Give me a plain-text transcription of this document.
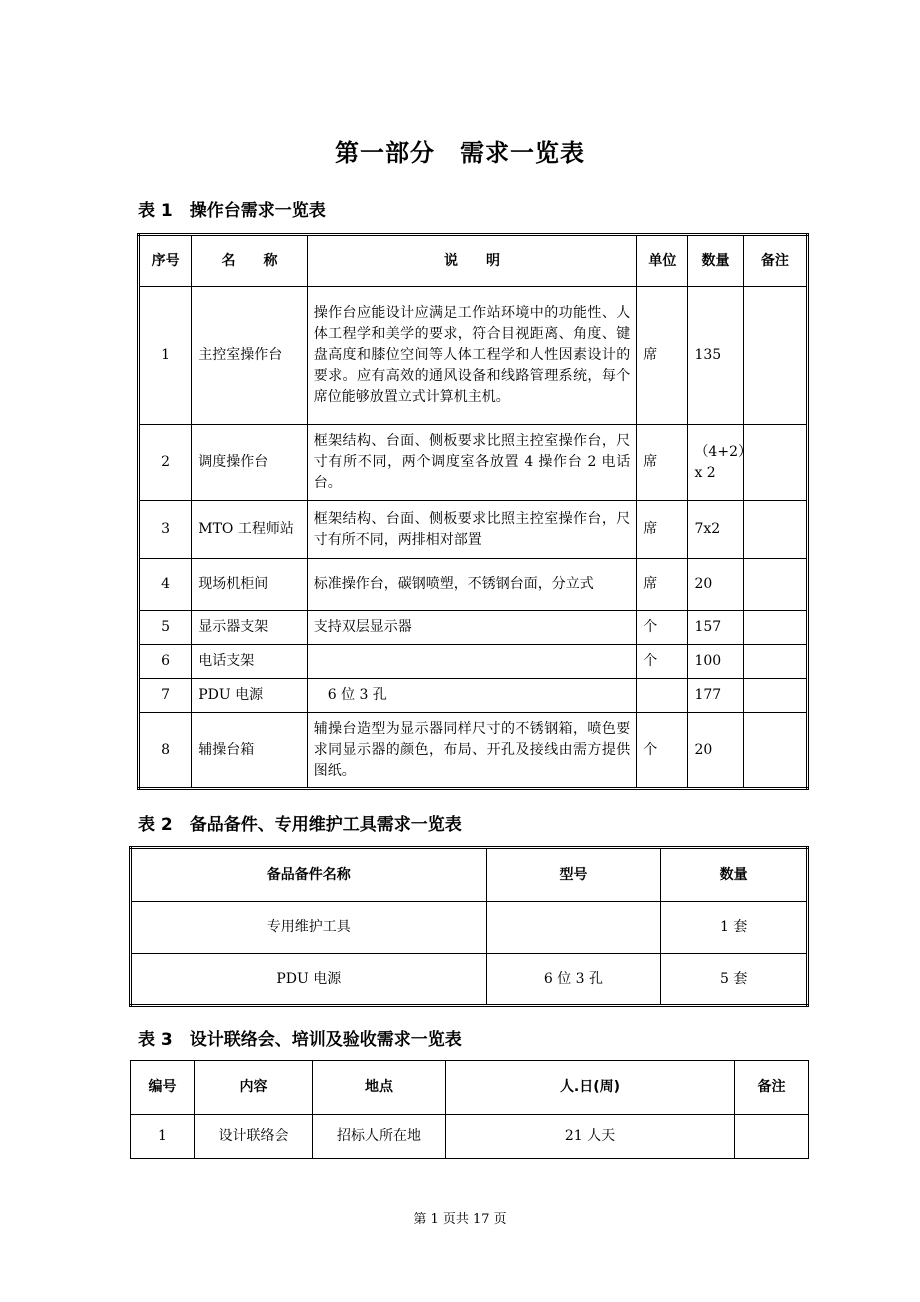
第一部分　需求一览表
表 1　操作台需求一览表
序号	名　　称	说　　明	单位	数量	备注
1	主控室操作台	操作台应能设计应满足工作站环境中的功能性、人体工程学和美学的要求，符合目视距离、角度、键盘高度和膝位空间等人体工程学和人性因素设计的要求。应有高效的通风设备和线路管理系统，每个席位能够放置立式计算机主机。	席	135	
2	调度操作台	框架结构、台面、侧板要求比照主控室操作台，尺寸有所不同，两个调度室各放置 4 操作台 2 电话台。	席	（4+2）x 2	
3	MTO 工程师站	框架结构、台面、侧板要求比照主控室操作台，尺寸有所不同，两排相对部置	席	7x2	
4	现场机柜间	标准操作台，碳钢喷塑，不锈钢台面，分立式	席	20	
5	显示器支架	支持双层显示器	个	157	
6	电话支架		个	100	
7	PDU 电源	　6 位 3 孔		177	
8	辅操台箱	辅操台造型为显示器同样尺寸的不锈钢箱，喷色要求同显示器的颜色，布局、开孔及接线由需方提供图纸。	个	20	
表 2　备品备件、专用维护工具需求一览表
备品备件名称	型号	数量
专用维护工具		1 套
PDU 电源	6 位 3 孔	5 套
表 3　设计联络会、培训及验收需求一览表
编号	内容	地点	人.日(周)	备注
1	设计联络会	招标人所在地	21 人天	
第 1 页共 17 页
